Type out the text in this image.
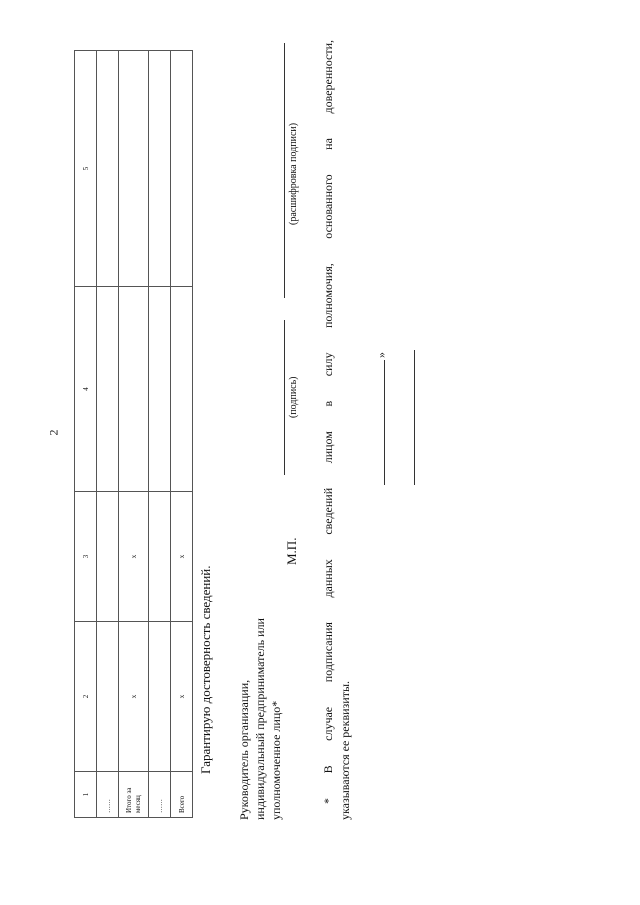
2
1	2	3	4	5
……				
Итого за месяц	x	x		
……				
Всего	x	x		
Гарантирую достоверность сведений. Руководитель организации, индивидуальный предприниматель или уполномоченное лицо*
М.П.
(подпись)
(расшифровка подписи) * В случае подписания данных сведений лицом в силу полномочия, основанного на доверенности, указываются ее реквизиты.
»
